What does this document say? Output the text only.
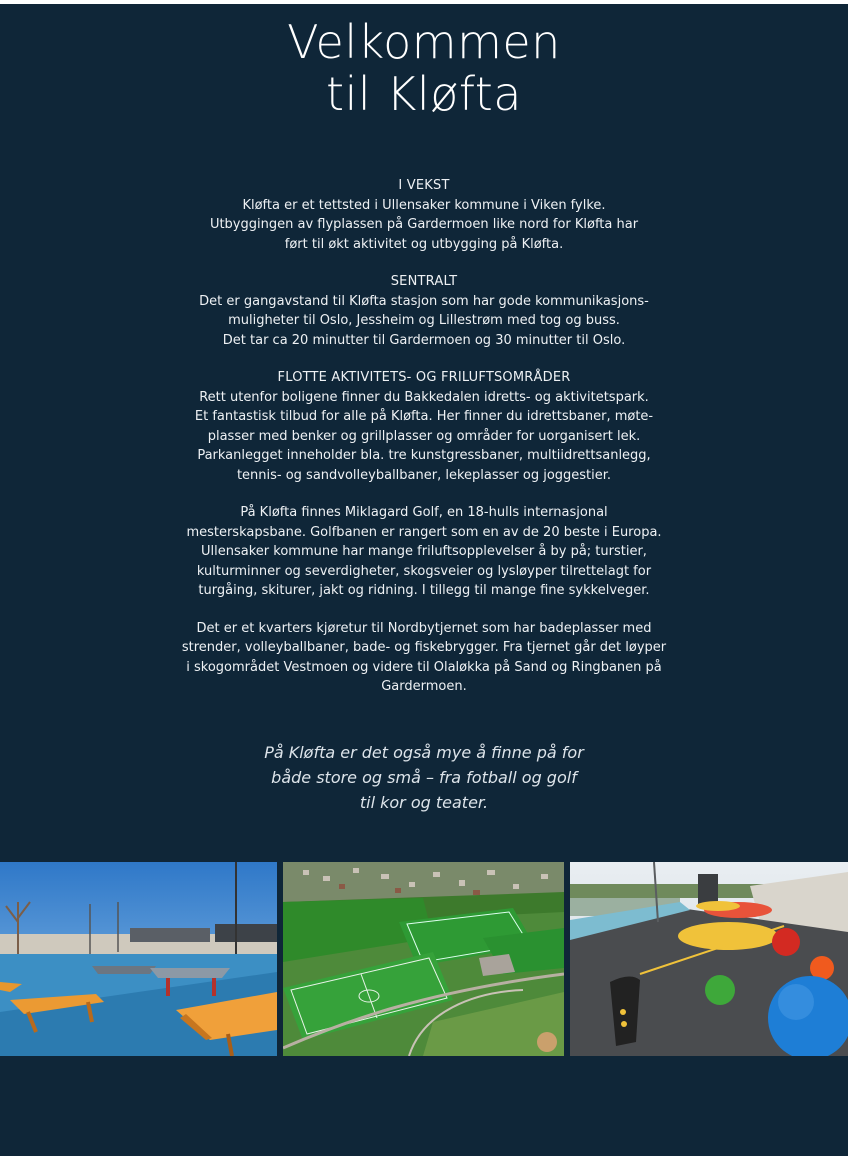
Velkommen
til Kløfta
I VEKST

Kløfta er et tettsted i Ullensaker kommune i Viken fylke.

Utbyggingen av flyplassen på Gardermoen like nord for Kløfta har

ført til økt aktivitet og utbygging på Kløfta.

SENTRALT

Det er gangavstand til Kløfta stasjon som har gode kommunikasjons-

muligheter til Oslo, Jessheim og Lillestrøm med tog og buss.

Det tar ca 20 minutter til Gardermoen og 30 minutter til Oslo.

FLOTTE AKTIVITETS- OG FRILUFTSOMRÅDER

Rett utenfor boligene finner du Bakkedalen idretts- og aktivitetspark.

Et fantastisk tilbud for alle på Kløfta. Her finner du idrettsbaner, møte-

plasser med benker og grillplasser og områder for uorganisert lek.

Parkanlegget inneholder bla. tre kunstgressbaner, multiidrettsanlegg,

tennis- og sandvolleyballbaner, lekeplasser og joggestier.

På Kløfta finnes Miklagard Golf, en 18-hulls internasjonal

mesterskapsbane. Golfbanen er rangert som en av de 20 beste i Europa.

Ullensaker kommune har mange friluftsopplevelser å by på; turstier,

kulturminner og severdigheter, skogsveier og lysløyper tilrettelagt for

turgåing, skiturer, jakt og ridning. I tillegg til mange fine sykkelveger.

Det er et kvarters kjøretur til Nordbytjernet som har badeplasser med

strender, volleyballbaner, bade- og fiskebrygger. Fra tjernet går det løyper

i skogområdet Vestmoen og videre til Olaløkka på Sand og Ringbanen på

Gardermoen.

På Kløfta er det også mye å finne på for
både store og små – fra fotball og golf
til kor og teater.
